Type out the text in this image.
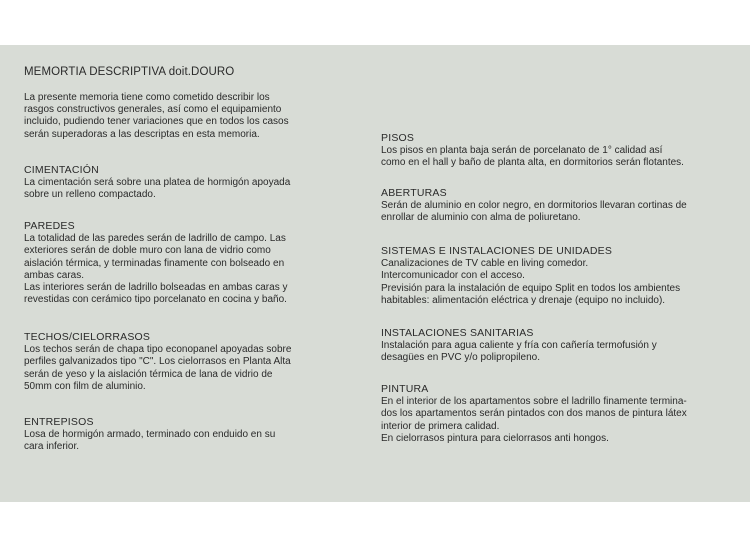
MEMORTIA DESCRIPTIVA doit.DOURO

La presente memoria tiene como cometido describir los
rasgos constructivos generales, así como el equipamiento
incluido, pudiendo tener variaciones que en todos los casos
serán superadoras a las descriptas en esta memoria.

CIMENTACIÓN

La cimentación será sobre una platea de hormigón apoyada
sobre un relleno compactado.

PAREDES

La totalidad de las paredes serán de ladrillo de campo. Las
exteriores serán de doble muro con lana de vidrio como
aislación térmica, y terminadas finamente con bolseado en
ambas caras.
Las interiores serán de ladrillo bolseadas en ambas caras y
revestidas con cerámico tipo porcelanato en cocina y baño.

TECHOS/CIELORRASOS

Los techos serán de chapa tipo econopanel apoyadas sobre
perfiles galvanizados tipo "C". Los cielorrasos en Planta Alta
serán de yeso y la aislación térmica de lana de vidrio de
50mm con film de aluminio.

ENTREPISOS

Losa de hormigón armado, terminado con enduido en su
cara inferior.

PISOS

Los pisos en planta baja serán de porcelanato de 1° calidad así
como en el hall y baño de planta alta, en dormitorios serán flotantes.

ABERTURAS

Serán de aluminio en color negro, en dormitorios llevaran cortinas de
enrollar de aluminio con alma de poliuretano.

SISTEMAS E INSTALACIONES DE UNIDADES

Canalizaciones de TV cable en living comedor.
Intercomunicador con el acceso.
Previsión para la instalación de equipo Split en todos los ambientes
habitables: alimentación eléctrica y drenaje (equipo no incluido).

INSTALACIONES SANITARIAS

Instalación para agua caliente y fría con cañería termofusión y
desagües en PVC y/o polipropileno.

PINTURA

En el interior de los apartamentos sobre el ladrillo finamente termina-
dos los apartamentos serán pintados con dos manos de pintura látex
interior de primera calidad.
En cielorrasos pintura para cielorrasos anti hongos.
